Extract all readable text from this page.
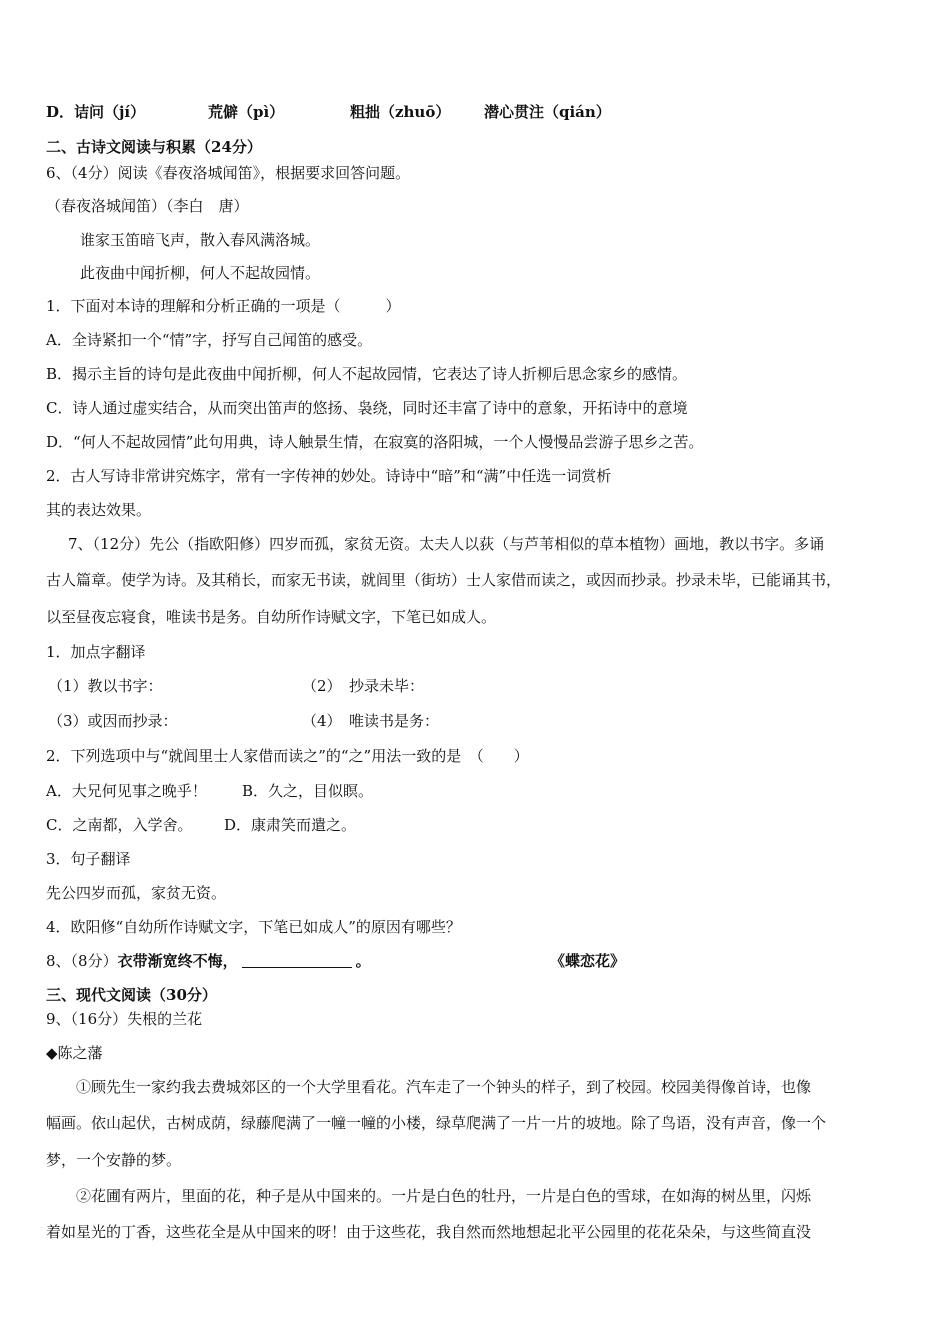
D．诘问（jí）	荒僻（pì）	粗拙（zhuō） 潜心贯注（qián）
二、古诗文阅读与积累（24分）
6、（4分）阅读《春夜洛城闻笛》，根据要求回答问题。
（春夜洛城闻笛）（李白　唐）
谁家玉笛暗飞声，散入春风满洛城。
此夜曲中闻折柳，何人不起故园情。
1．下面对本诗的理解和分析正确的一项是（　　　）
A．全诗紧扣一个“情”字，抒写自己闻笛的感受。
B．揭示主旨的诗句是此夜曲中闻折柳，何人不起故园情，它表达了诗人折柳后思念家乡的感情。
C．诗人通过虚实结合，从而突出笛声的悠扬、袅绕，同时还丰富了诗中的意象，开拓诗中的意境
D．“何人不起故园情”此句用典，诗人触景生情，在寂寞的洛阳城，一个人慢慢品尝游子思乡之苦。
2．古人写诗非常讲究炼字，常有一字传神的妙处。诗诗中“暗”和“满”中任选一词赏析
其的表达效果。
7、（12分）先公（指欧阳修）四岁而孤，家贫无资。太夫人以荻（与芦苇相似的草本植物）画地，教以书字。多诵
古人篇章。使学为诗。及其稍长，而家无书读，就闾里（街坊）士人家借而读之，或因而抄录。抄录未毕，已能诵其书，
以至昼夜忘寝食，唯读书是务。自幼所作诗赋文字，下笔已如成人。
1．加点字翻译
（1）教以书字：	（2）　抄录未毕：
（3）或因而抄录：	（4）　唯读书是务：
2．下列选项中与“就闾里士人家借而读之”的“之”用法一致的是　（　　）
A．大兄何见事之晚乎！ B．久之，目似瞑。
C．之南都，入学舍。 D．康肃笑而遣之。
3．句子翻译
先公四岁而孤，家贫无资。
4．欧阳修“自幼所作诗赋文字，下笔已如成人”的原因有哪些？
8、（8分）衣带渐宽终不悔，	。	《蝶恋花》
三、现代文阅读（30分）
9、（16分）失根的兰花
◆陈之藩
①顾先生一家约我去费城郊区的一个大学里看花。汽车走了一个钟头的样子，到了校园。校园美得像首诗，也像
幅画。依山起伏，古树成荫，绿藤爬满了一幢一幢的小楼，绿草爬满了一片一片的坡地。除了鸟语，没有声音，像一个
梦，一个安静的梦。
②花圃有两片，里面的花，种子是从中国来的。一片是白色的牡丹，一片是白色的雪球，在如海的树丛里，闪烁
着如星光的丁香，这些花全是从中国来的呀！由于这些花，我自然而然地想起北平公园里的花花朵朵，与这些简直没
